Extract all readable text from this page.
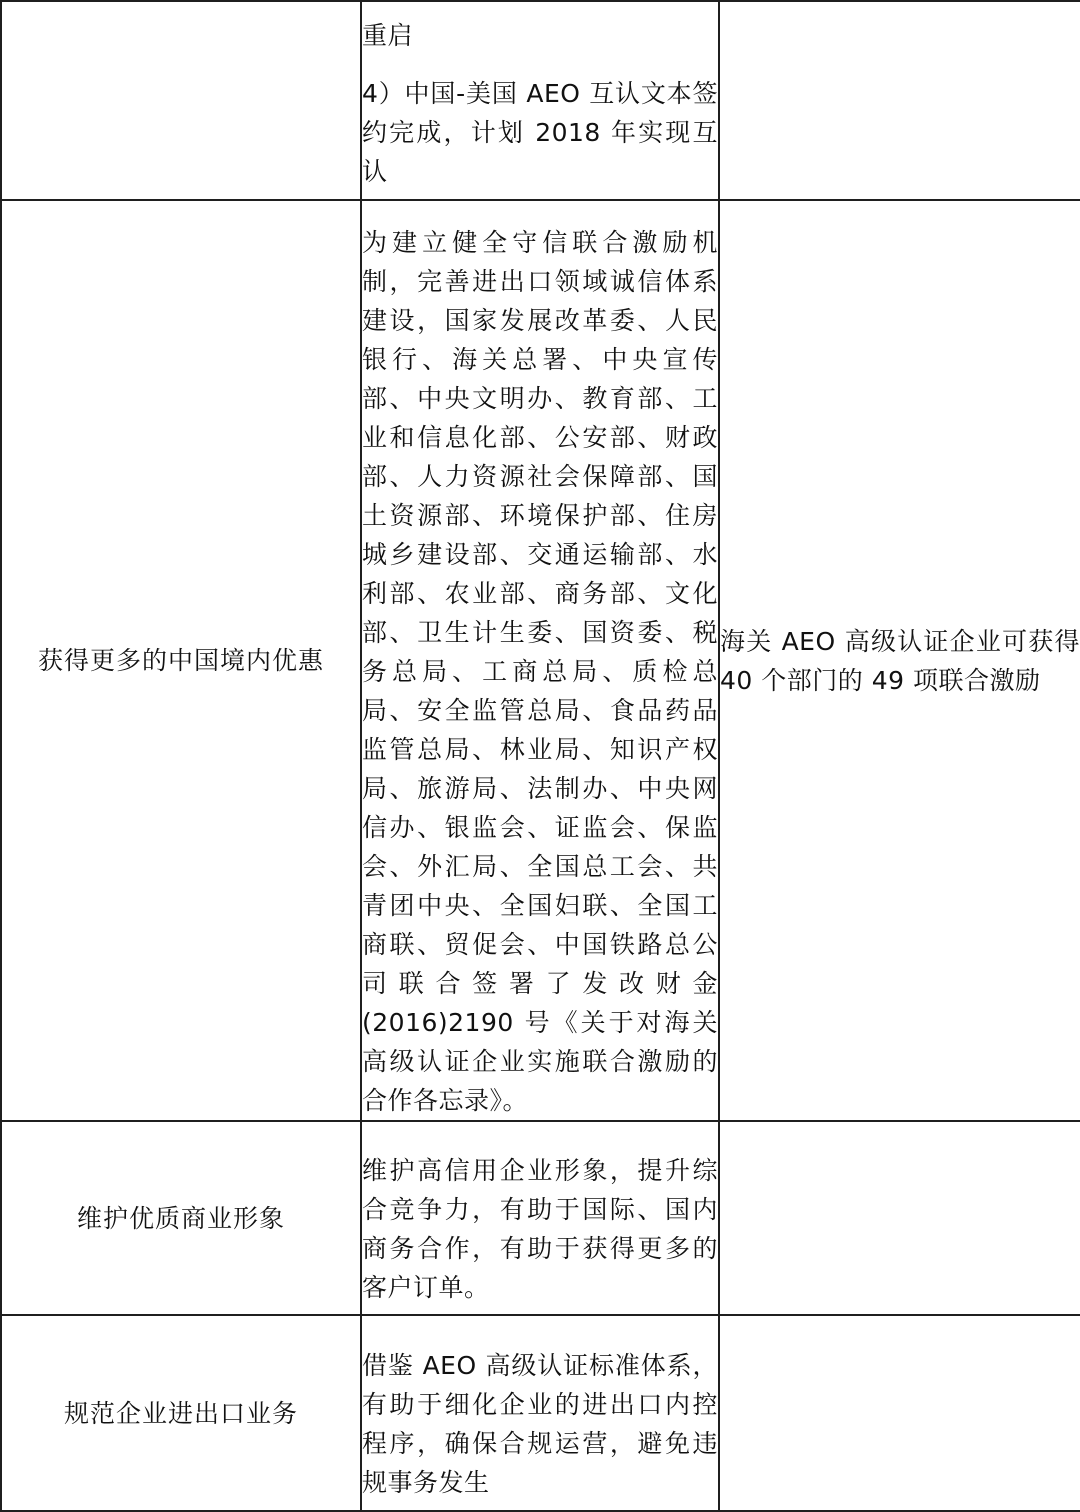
	重启

4）中国-美国 AEO 互认文本签约完成，计划 2018 年实现互认	

获得更多的中国境内优惠	为建立健全守信联合激励机制，完善进出口领域诚信体系建设，国家发展改革委、人民银行、海关总署、中央宣传部、中央文明办、教育部、工业和信息化部、公安部、财政部、人力资源社会保障部、国土资源部、环境保护部、住房城乡建设部、交通运输部、水利部、农业部、商务部、文化部、卫生计生委、国资委、税务总局、工商总局、质检总局、安全监管总局、食品药品监管总局、林业局、知识产权局、旅游局、法制办、中央网信办、银监会、证监会、保监会、外汇局、全国总工会、共青团中央、全国妇联、全国工商联、贸促会、中国铁路总公司联合签署了发改财金 (2016)2190 号《关于对海关高级认证企业实施联合激励的合作各忘录》。	海关 AEO 高级认证企业可获得 40 个部门的 49 项联合激励

维护优质商业形象	维护高信用企业形象，提升综合竞争力，有助于国际、国内商务合作，有助于获得更多的客户订单。	

规范企业进出口业务	借鉴 AEO 高级认证标准体系，有助于细化企业的进出口内控程序，确保合规运营，避免违规事务发生	
